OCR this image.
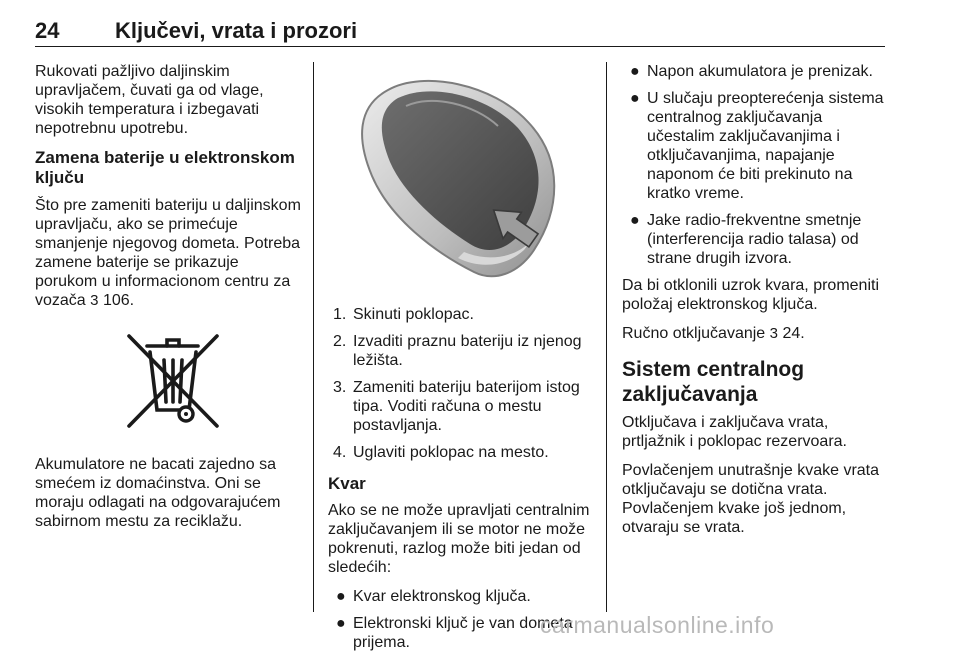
24	Ključevi, vrata i prozori

Rukovati pažljivo daljinskim upravljačem, čuvati ga od vlage, visokih temperatura i izbegavati nepotrebnu upotrebu.

Zamena baterije u elektronskom ključu

Što pre zameniti bateriju u daljinskom upravljaču, ako se primećuje smanjenje njegovog dometa. Potreba zamene baterije se prikazuje porukom u informacionom centru za vozača 3 106.

Akumulatore ne bacati zajedno sa smećem iz domaćinstva. Oni se moraju odlagati na odgovarajućem sabirnom mestu za reciklažu.

1. Skinuti poklopac.
2. Izvaditi praznu bateriju iz njenog ležišta.
3. Zameniti bateriju baterijom istog tipa. Voditi računa o mestu postavljanja.
4. Uglaviti poklopac na mesto.
Kvar

Ako se ne može upravljati centralnim zaključavanjem ili se motor ne može pokrenuti, razlog može biti jedan od sledećih:

● Kvar elektronskog ključa.
● Elektronski ključ je van dometa prijema.
● Napon akumulatora je prenizak.
● U slučaju preopterećenja sistema centralnog zaključavanja učestalim zaključavanjima i otključavanjima, napajanje naponom će biti prekinuto na kratko vreme.
● Jake radio-frekventne smetnje (interferencija radio talasa) od strane drugih izvora.

Da bi otklonili uzrok kvara, promeniti položaj elektronskog ključa.

Ručno otključavanje 3 24.

Sistem centralnog zaključavanja

Otključava i zaključava vrata, prtljažnik i poklopac rezervoara.

Povlačenjem unutrašnje kvake vrata otključavaju se dotična vrata. Povlačenjem kvake još jednom, otvaraju se vrata.

carmanualsonline.info
